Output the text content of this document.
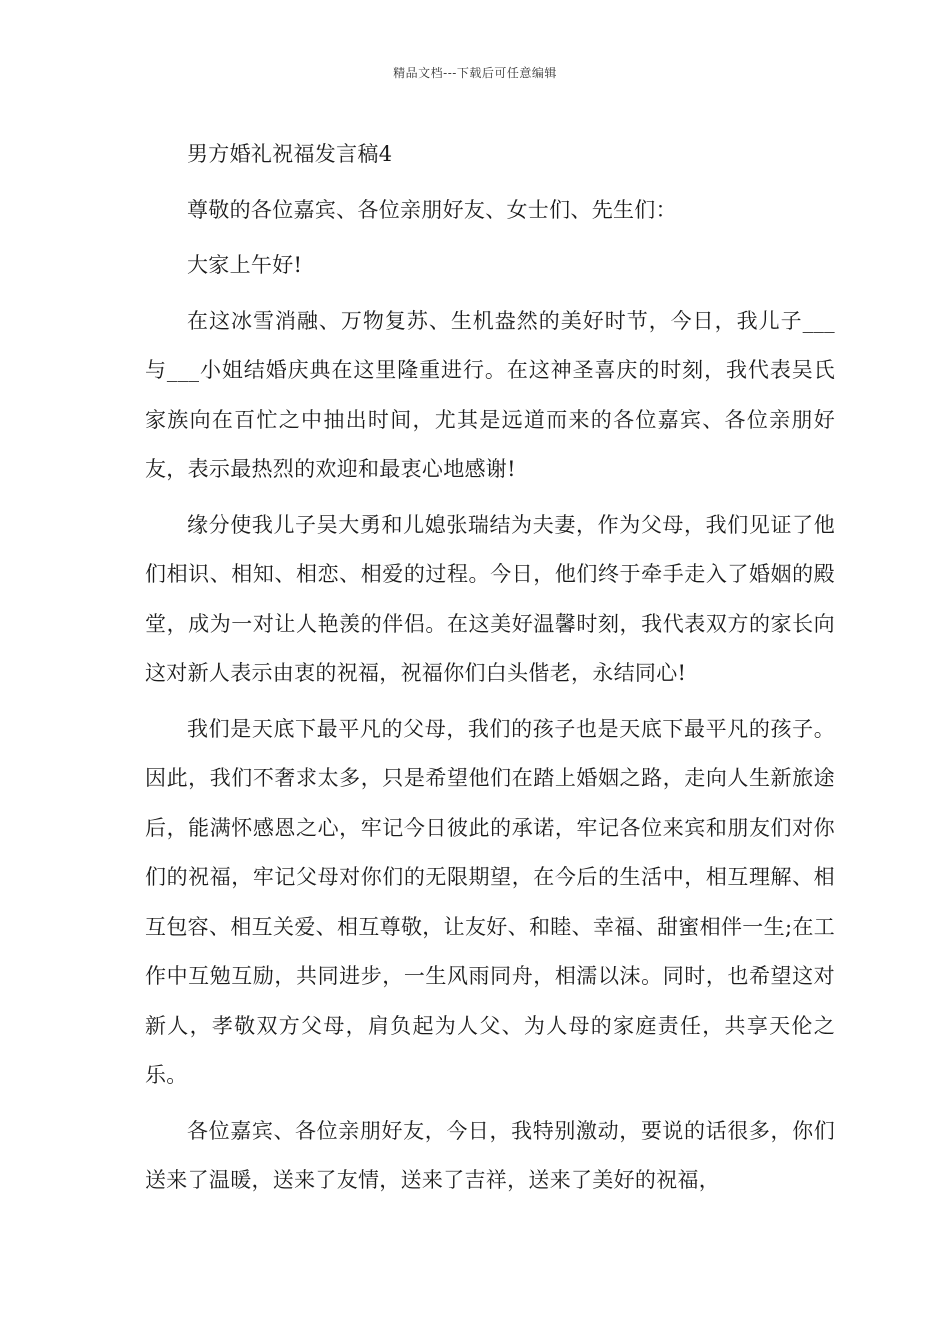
精品文档---下载后可任意编辑

男方婚礼祝福发言稿4

尊敬的各位嘉宾、各位亲朋好友、女士们、先生们：

大家上午好!

在这冰雪消融、万物复苏、生机盎然的美好时节，今日，我儿子___与___小姐结婚庆典在这里隆重进行。在这神圣喜庆的时刻，我代表吴氏家族向在百忙之中抽出时间，尤其是远道而来的各位嘉宾、各位亲朋好友，表示最热烈的欢迎和最衷心地感谢!

缘分使我儿子吴大勇和儿媳张瑞结为夫妻，作为父母，我们见证了他们相识、相知、相恋、相爱的过程。今日，他们终于牵手走入了婚姻的殿堂，成为一对让人艳羡的伴侣。在这美好温馨时刻，我代表双方的家长向这对新人表示由衷的祝福，祝福你们白头偕老，永结同心!

我们是天底下最平凡的父母，我们的孩子也是天底下最平凡的孩子。因此，我们不奢求太多，只是希望他们在踏上婚姻之路，走向人生新旅途后，能满怀感恩之心，牢记今日彼此的承诺，牢记各位来宾和朋友们对你们的祝福，牢记父母对你们的无限期望，在今后的生活中，相互理解、相互包容、相互关爱、相互尊敬，让友好、和睦、幸福、甜蜜相伴一生;在工作中互勉互励，共同进步，一生风雨同舟，相濡以沫。同时，也希望这对新人，孝敬双方父母，肩负起为人父、为人母的家庭责任，共享天伦之乐。

各位嘉宾、各位亲朋好友，今日，我特别激动，要说的话很多，你们送来了温暖，送来了友情，送来了吉祥，送来了美好的祝福，
